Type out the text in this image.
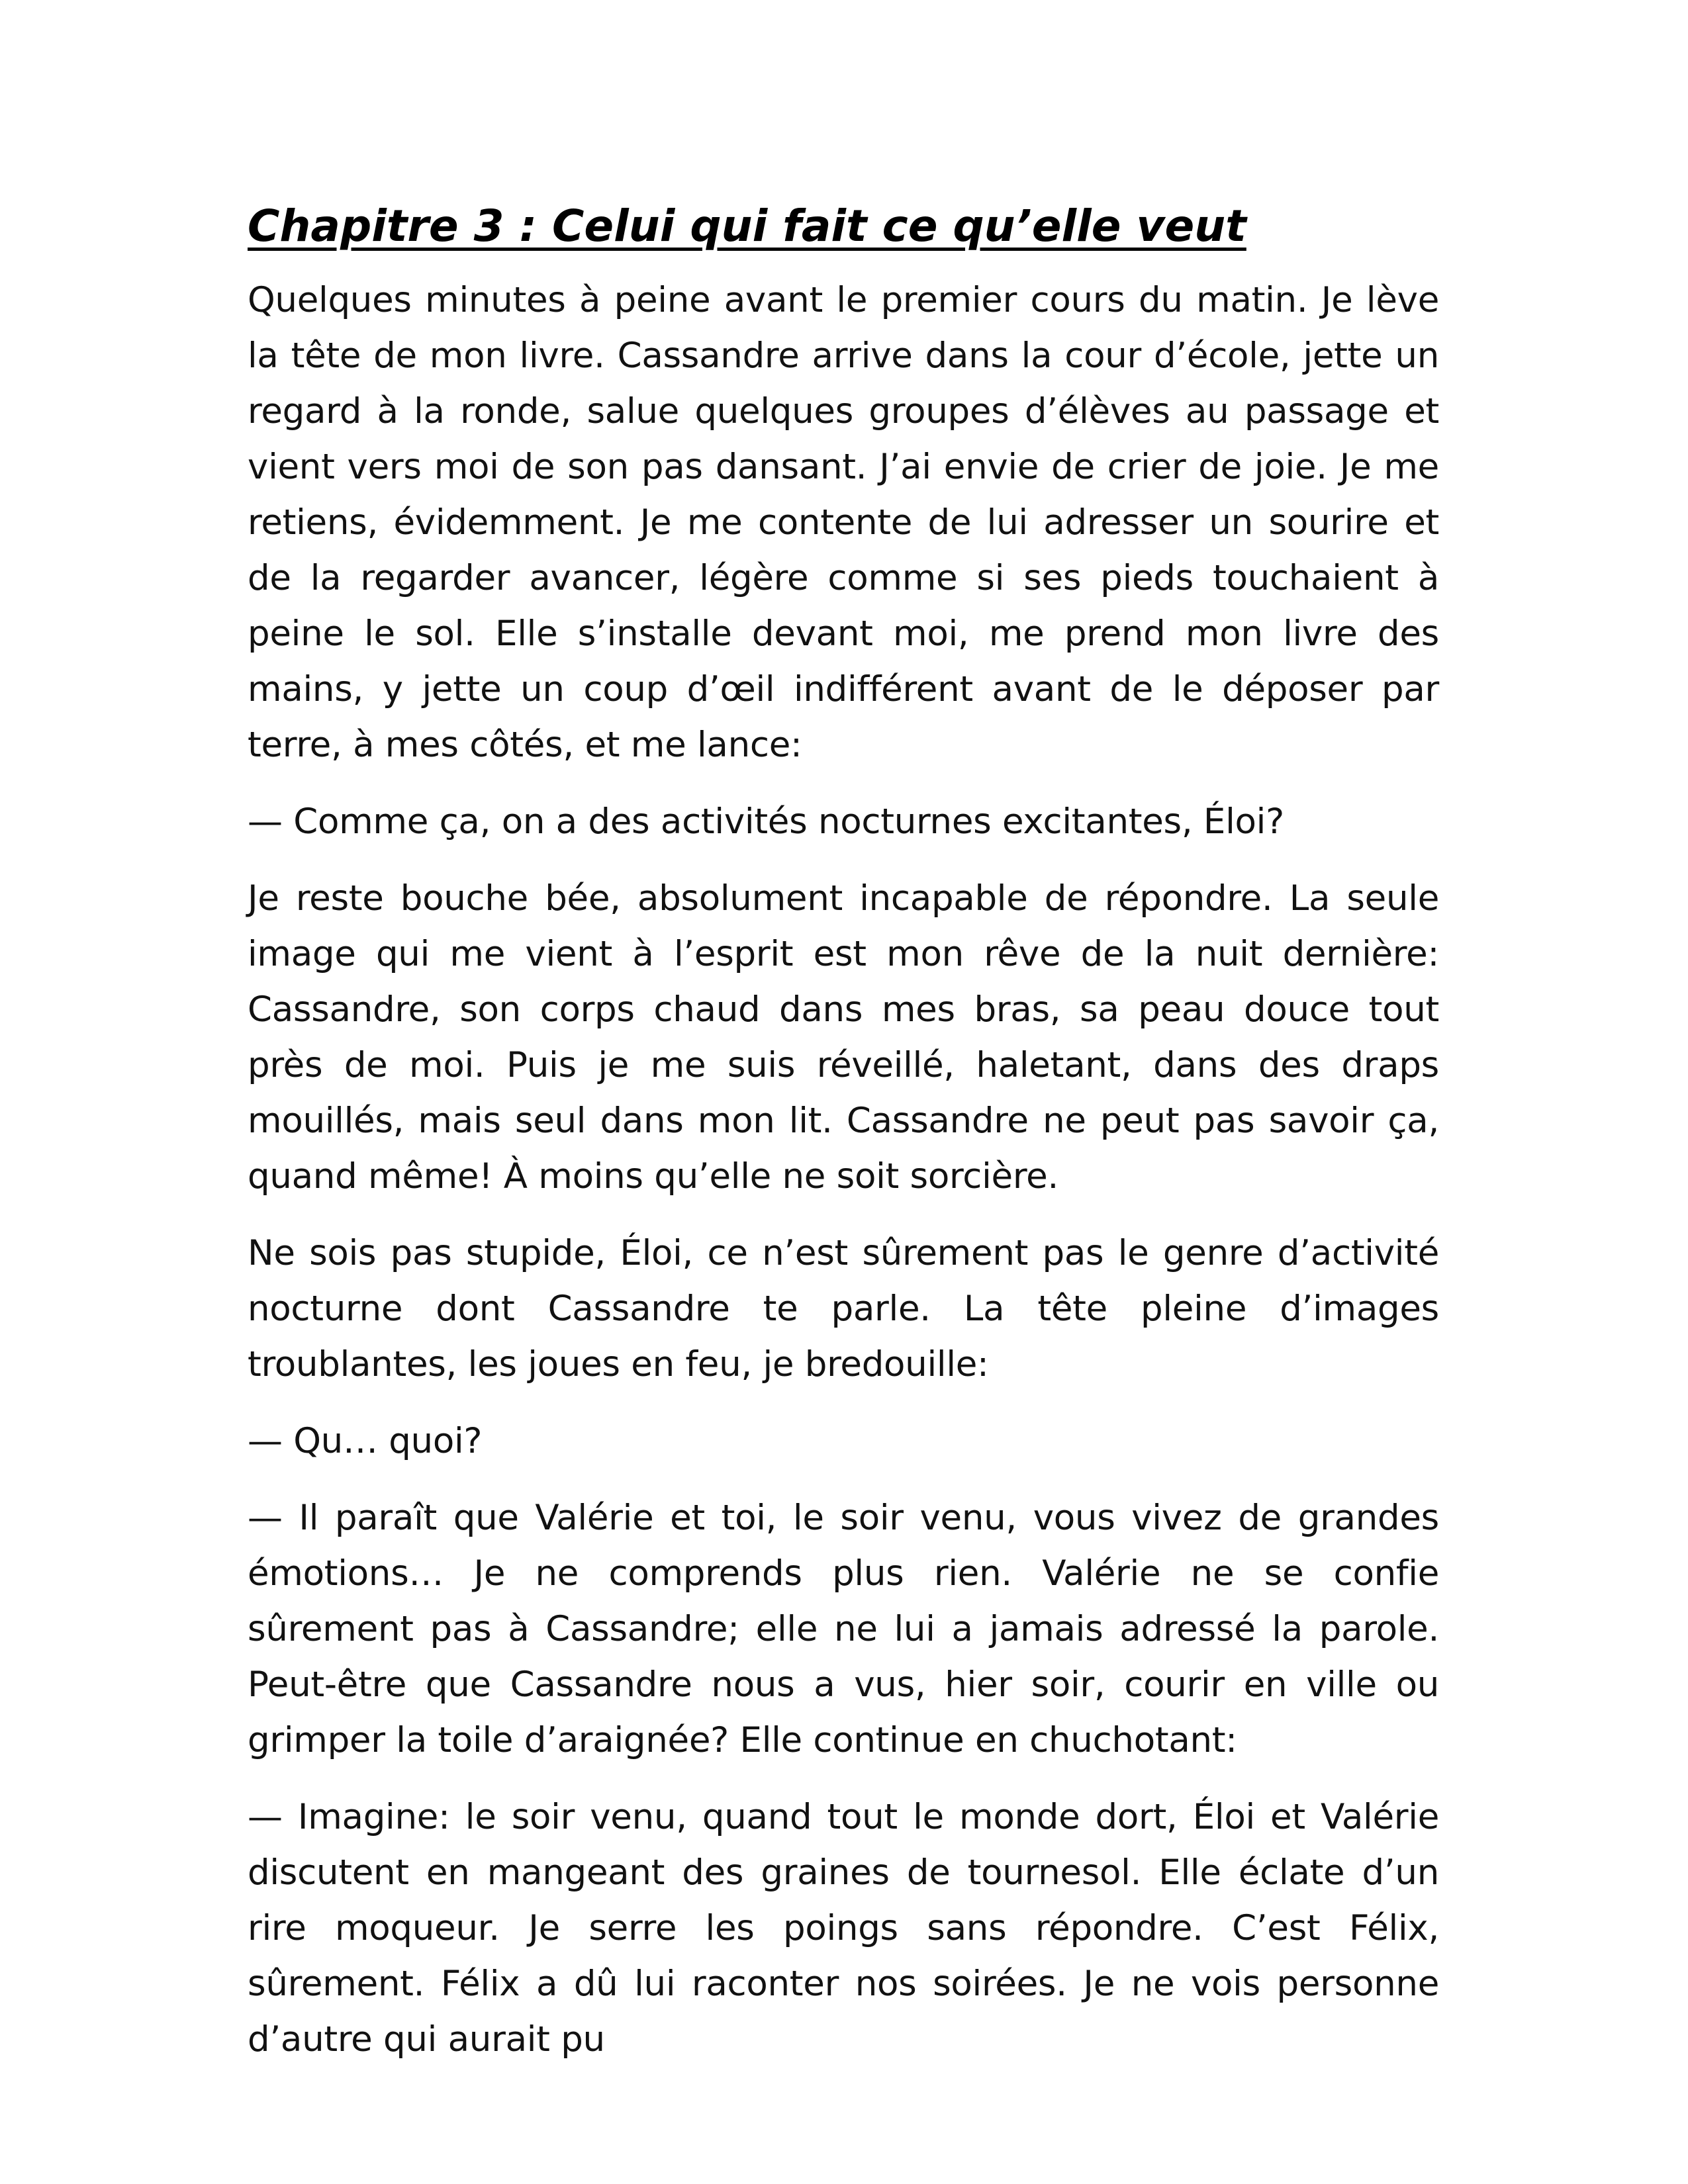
Chapitre 3 : Celui qui fait ce qu’elle veut

Quelques minutes à peine avant le premier cours du matin. Je lève la tête de mon livre. Cassandre arrive dans la cour d’école, jette un regard à la ronde, salue quelques groupes d’élèves au passage et vient vers moi de son pas dansant. J’ai envie de crier de joie. Je me retiens, évidemment. Je me contente de lui adresser un sourire et de la regarder avancer, légère comme si ses pieds touchaient à peine le sol. Elle s’installe devant moi, me prend mon livre des mains, y jette un coup d’œil indifférent avant de le déposer par terre, à mes côtés, et me lance:

— Comme ça, on a des activités nocturnes excitantes, Éloi?

Je reste bouche bée, absolument incapable de répondre. La seule image qui me vient à l’esprit est mon rêve de la nuit dernière: Cassandre, son corps chaud dans mes bras, sa peau douce tout près de moi. Puis je me suis réveillé, haletant, dans des draps mouillés, mais seul dans mon lit. Cassandre ne peut pas savoir ça, quand même! À moins qu’elle ne soit sorcière.

Ne sois pas stupide, Éloi, ce n’est sûrement pas le genre d’activité nocturne dont Cassandre te parle. La tête pleine d’images troublantes, les joues en feu, je bredouille:

— Qu… quoi?

— Il paraît que Valérie et toi, le soir venu, vous vivez de grandes émotions… Je ne comprends plus rien. Valérie ne se confie sûrement pas à Cassandre; elle ne lui a jamais adressé la parole. Peut-être que Cassandre nous a vus, hier soir, courir en ville ou grimper la toile d’araignée? Elle continue en chuchotant:

— Imagine: le soir venu, quand tout le monde dort, Éloi et Valérie discutent en mangeant des graines de tournesol. Elle éclate d’un rire moqueur. Je serre les poings sans répondre. C’est Félix, sûrement. Félix a dû lui raconter nos soirées. Je ne vois personne d’autre qui aurait pu
